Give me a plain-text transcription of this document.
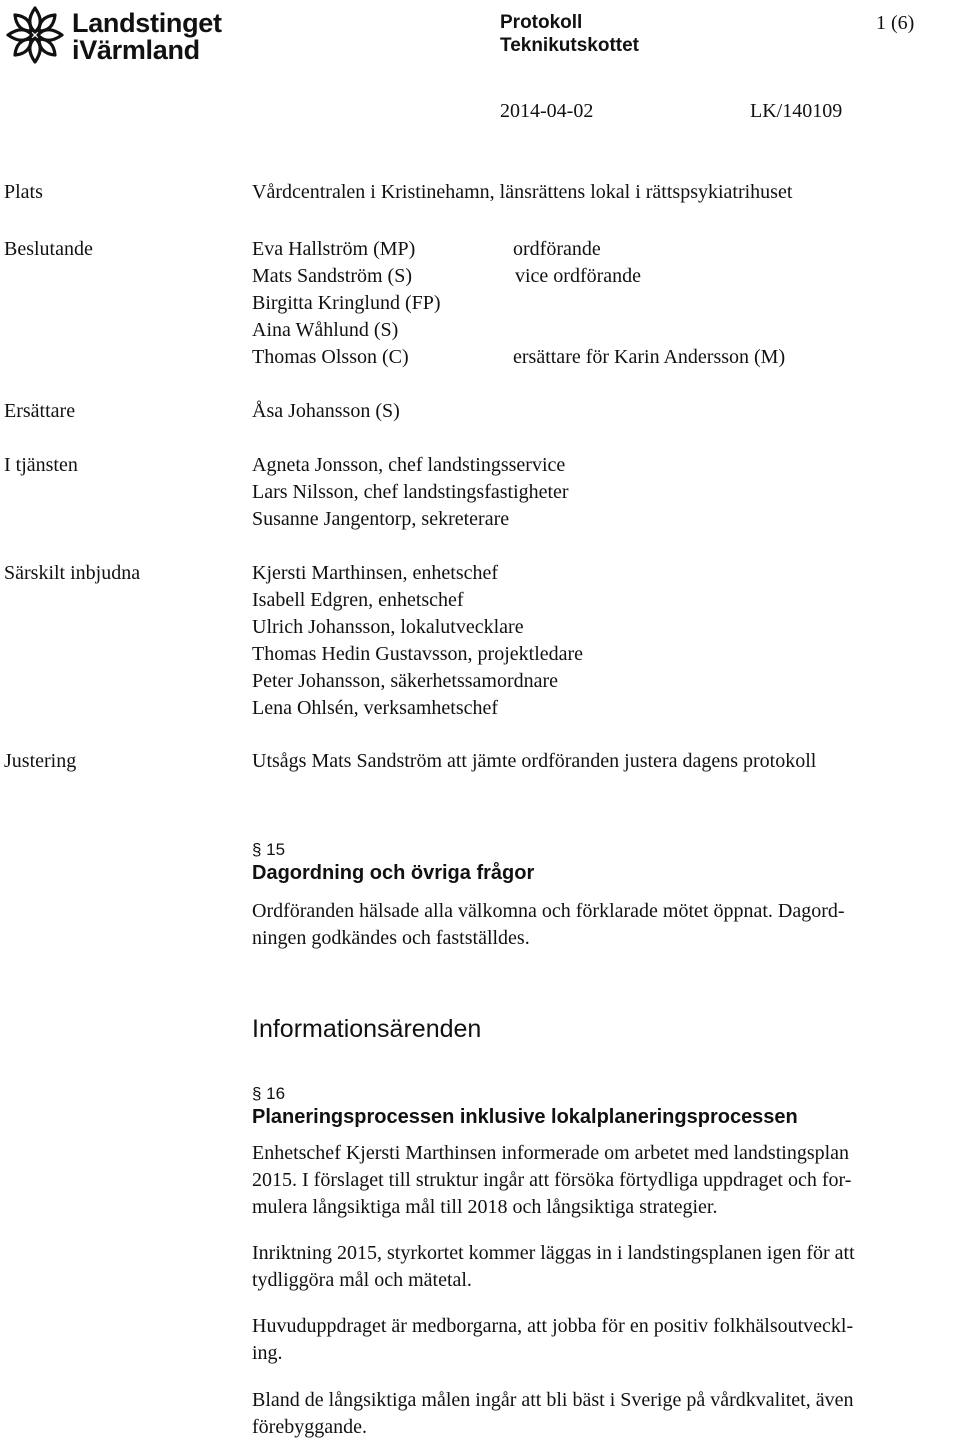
Landstinget
iVärmland
Protokoll	1 (6)
Teknikutskottet
2014-04-02	LK/140109
Plats	Vårdcentralen i Kristinehamn, länsrättens lokal i rättspsykiatrihuset
Beslutande	Eva Hallström (MP)	ordförande
Mats Sandström (S)	vice ordförande
Birgitta Kringlund (FP)
Aina Wåhlund (S)
Thomas Olsson (C)	ersättare för Karin Andersson (M)
Ersättare	Åsa Johansson (S)
I tjänsten	Agneta Jonsson, chef landstingsservice
Lars Nilsson, chef landstingsfastigheter
Susanne Jangentorp, sekreterare
Särskilt inbjudna	Kjersti Marthinsen, enhetschef
Isabell Edgren, enhetschef
Ulrich Johansson, lokalutvecklare
Thomas Hedin Gustavsson, projektledare
Peter Johansson, säkerhetssamordnare
Lena Ohlsén, verksamhetschef
Justering	Utsågs Mats Sandström att jämte ordföranden justera dagens protokoll
§ 15
Dagordning och övriga frågor
Ordföranden hälsade alla välkomna och förklarade mötet öppnat. Dagord-
ningen godkändes och fastställdes.
Informationsärenden
§ 16
Planeringsprocessen inklusive lokalplaneringsprocessen
Enhetschef Kjersti Marthinsen informerade om arbetet med landstingsplan
2015. I förslaget till struktur ingår att försöka förtydliga uppdraget och for-
mulera långsiktiga mål till 2018 och långsiktiga strategier.
Inriktning 2015, styrkortet kommer läggas in i landstingsplanen igen för att
tydliggöra mål och mätetal.
Huvuduppdraget är medborgarna, att jobba för en positiv folkhälsoutveckl-
ing.
Bland de långsiktiga målen ingår att bli bäst i Sverige på vårdkvalitet, även
förebyggande.
